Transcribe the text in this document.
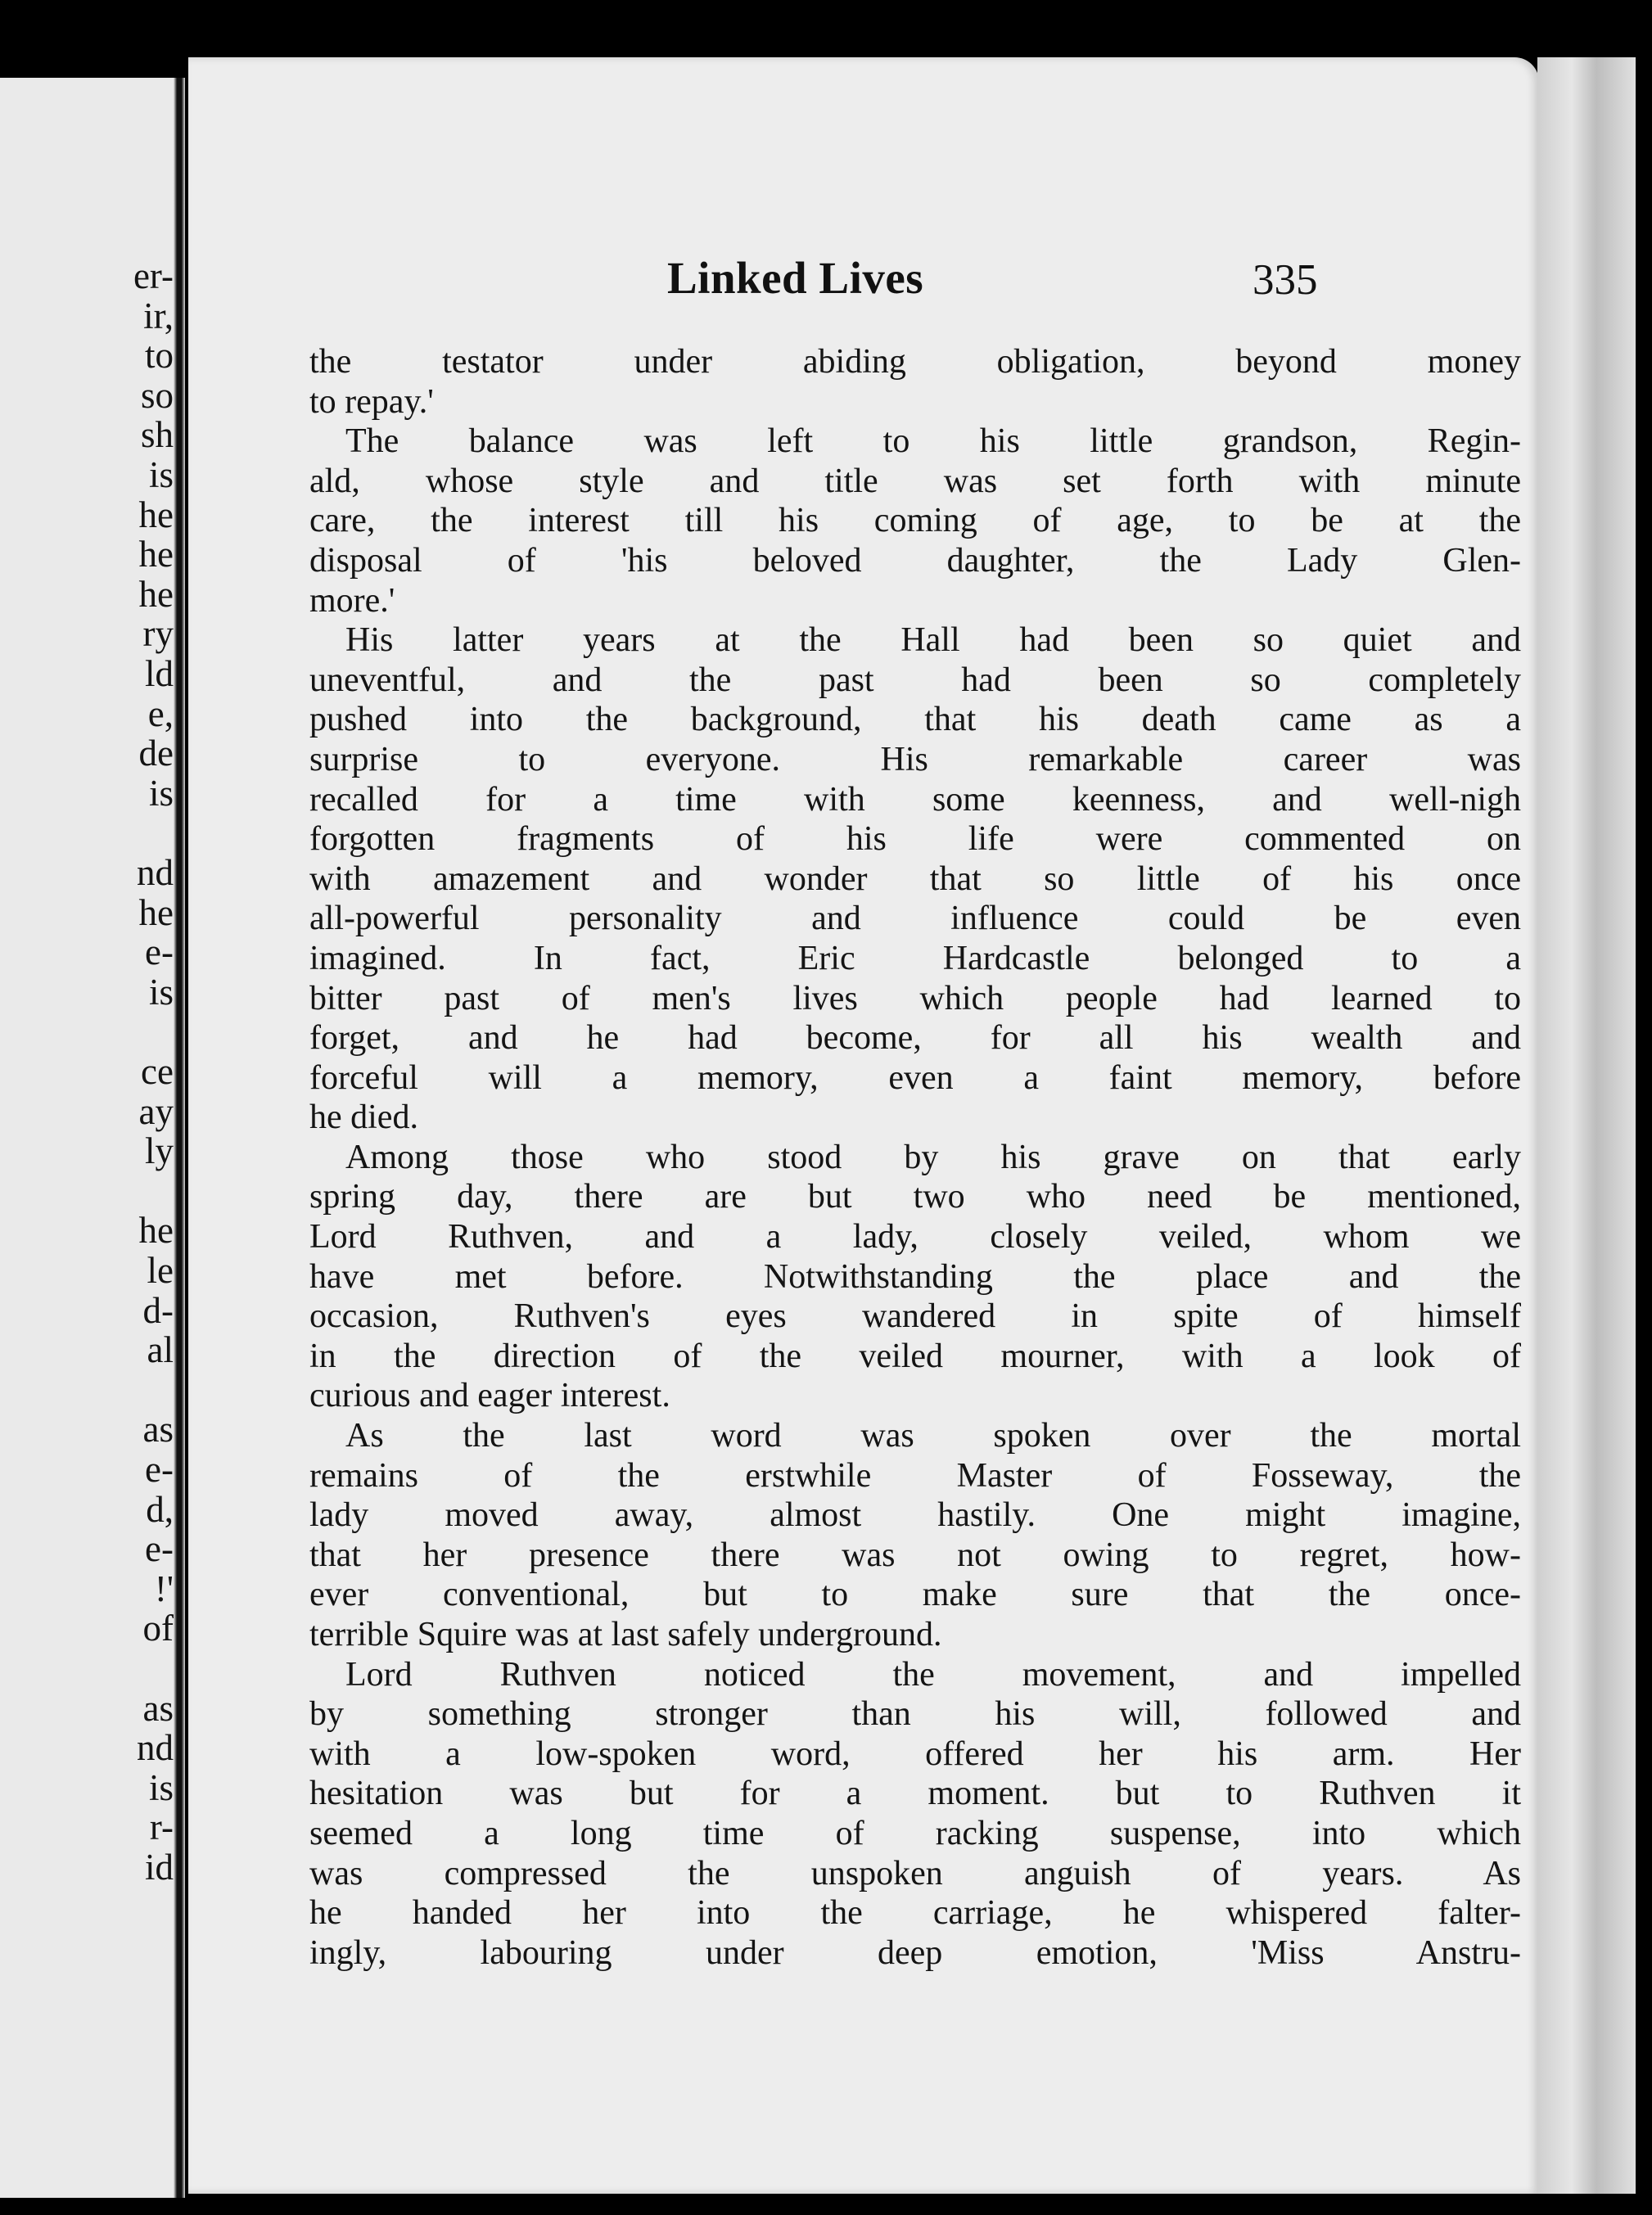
er-
ir,
to
so
sh
is
he
he
he
ry
ld
e,
de
is
nd
he
e-
is
ce
ay
ly
he
le
d-
al
as
e-
d,
e-
!'
of
as
nd
is
r-
id
Linked Lives	335
the testator under abiding obligation, beyond money
to repay.'
The balance was left to his little grandson, Regin-
ald, whose style and title was set forth with minute
care, the interest till his coming of age, to be at the
disposal of 'his beloved daughter, the Lady Glen-
more.'
His latter years at the Hall had been so quiet and
uneventful, and the past had been so completely
pushed into the background, that his death came as a
surprise to everyone. His remarkable career was
recalled for a time with some keenness, and well-nigh
forgotten fragments of his life were commented on
with amazement and wonder that so little of his once
all-powerful personality and influence could be even
imagined. In fact, Eric Hardcastle belonged to a
bitter past of men's lives which people had learned to
forget, and he had become, for all his wealth and
forceful will a memory, even a faint memory, before
he died.
Among those who stood by his grave on that early
spring day, there are but two who need be mentioned,
Lord Ruthven, and a lady, closely veiled, whom we
have met before. Notwithstanding the place and the
occasion, Ruthven's eyes wandered in spite of himself
in the direction of the veiled mourner, with a look of
curious and eager interest.
As the last word was spoken over the mortal
remains of the erstwhile Master of Fosseway, the
lady moved away, almost hastily. One might imagine,
that her presence there was not owing to regret, how-
ever conventional, but to make sure that the once-
terrible Squire was at last safely underground.
Lord Ruthven noticed the movement, and impelled
by something stronger than his will, followed and
with a low-spoken word, offered her his arm. Her
hesitation was but for a moment. but to Ruthven it
seemed a long time of racking suspense, into which
was compressed the unspoken anguish of years. As
he handed her into the carriage, he whispered falter-
ingly, labouring under deep emotion, 'Miss Anstru-
